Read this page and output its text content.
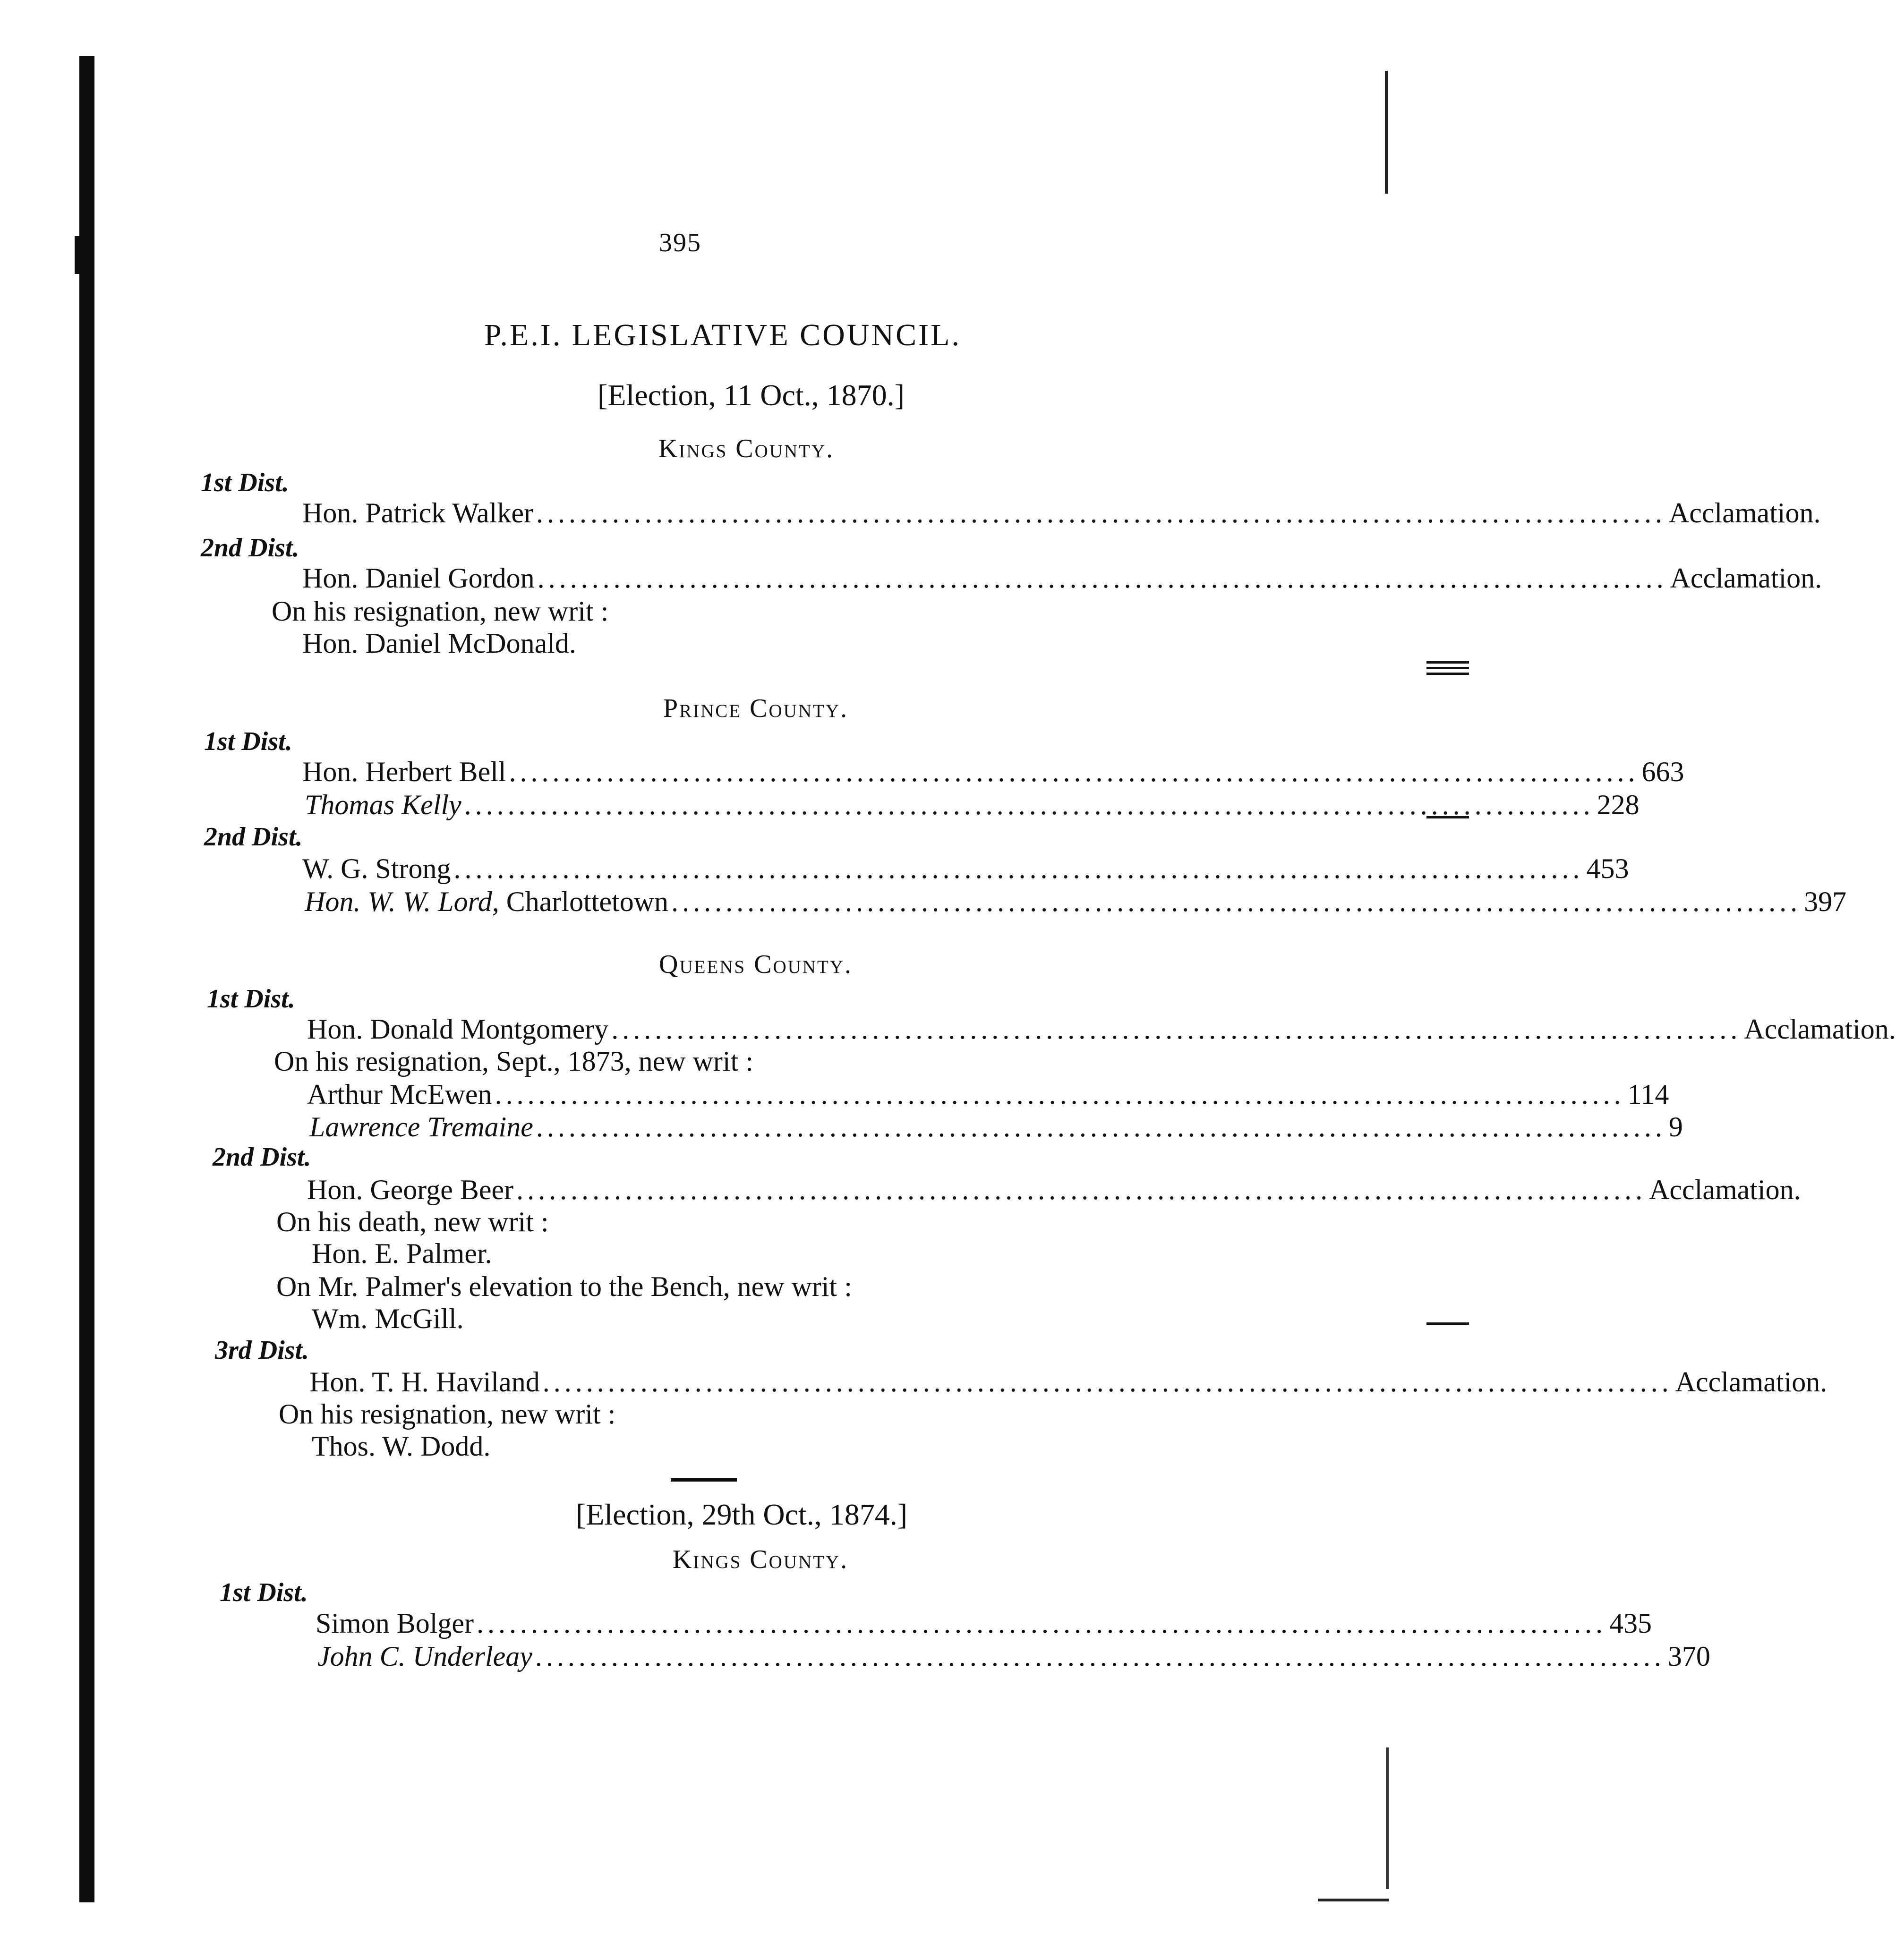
395
P.E.I. LEGISLATIVE COUNCIL.
[Election, 11 Oct., 1870.]
Kings County.
1st Dist.
Hon. Patrick Walker ........................................................................................................ Acclamation.
2nd Dist.
Hon. Daniel Gordon ........................................................................................................ Acclamation.
On his resignation, new writ :
Hon. Daniel McDonald.
Prince County.
1st Dist.
Hon. Herbert Bell ........................................................................................................ 663
Thomas Kelly ........................................................................................................ 228
2nd Dist.
W. G. Strong ........................................................................................................ 453
Hon. W. W. Lord, Charlottetown ........................................................................................................ 397
Queens County.
1st Dist.
Hon. Donald Montgomery ........................................................................................................ Acclamation.
On his resignation, Sept., 1873, new writ :
Arthur McEwen ........................................................................................................ 114
Lawrence Tremaine ........................................................................................................ 9
2nd Dist.
Hon. George Beer ........................................................................................................ Acclamation.
On his death, new writ :
Hon. E. Palmer.
On Mr. Palmer's elevation to the Bench, new writ :
Wm. McGill.
3rd Dist.
Hon. T. H. Haviland ........................................................................................................ Acclamation.
On his resignation, new writ :
Thos. W. Dodd.
[Election, 29th Oct., 1874.]
Kings County.
1st Dist.
Simon Bolger ........................................................................................................ 435
John C. Underleay ........................................................................................................ 370
